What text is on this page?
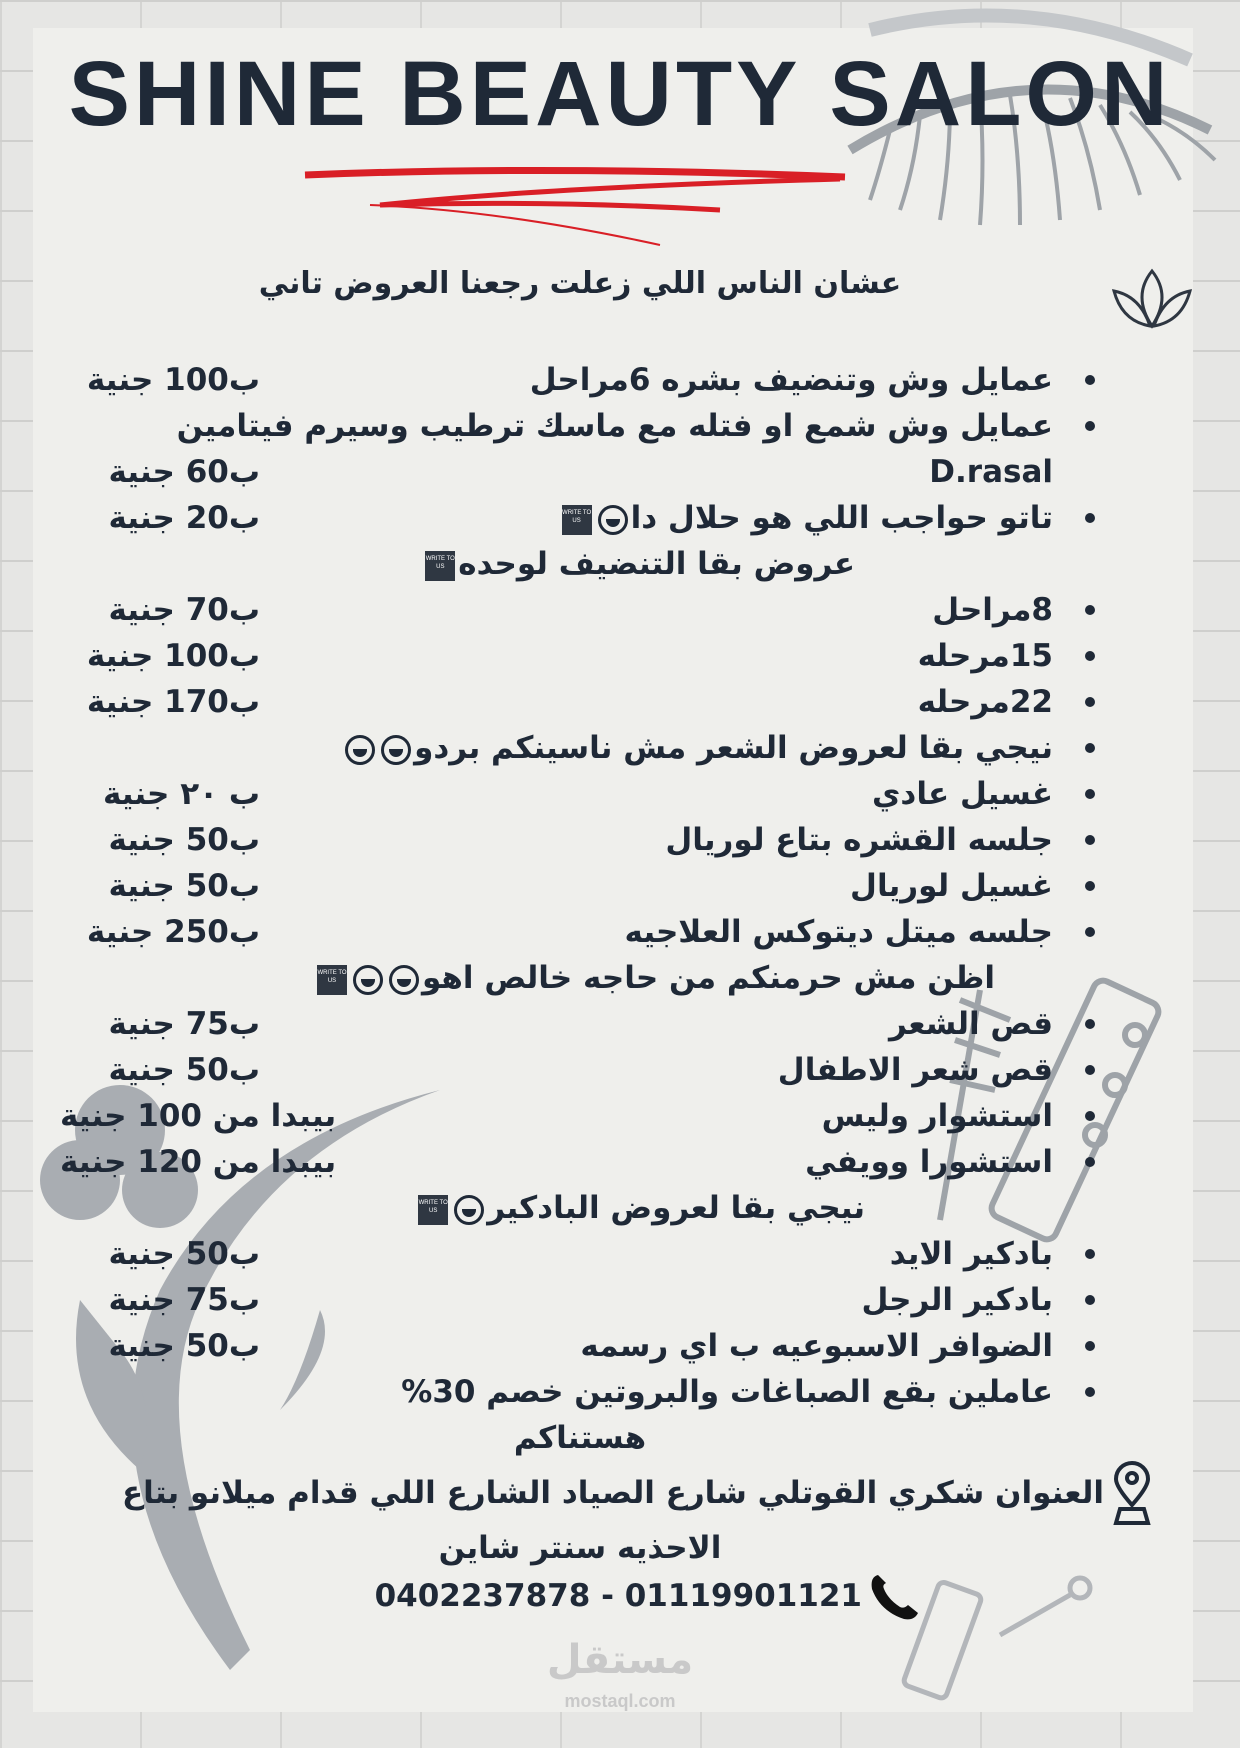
SHINE BEAUTY SALON
عشان الناس اللي زعلت رجعنا العروض تاني
عمايل وش وتنضيف بشره 6مراحل
ب100 جنية
عمايل وش شمع او فتله مع ماسك ترطيب وسيرم فيتامين
D.rasal
ب60 جنية
تاتو حواجب اللي هو حلال داWRITE TO US
ب20 جنية
عروض بقا التنضيف لوحدهWRITE TO US
8مراحل
ب70 جنية
15مرحله
ب100 جنية
22مرحله
ب170 جنية
نيجي بقا لعروض الشعر مش ناسينكم بردو
غسيل عادي
ب ٢٠ جنية
جلسه القشره بتاع لوريال
ب50 جنية
غسيل لوريال
ب50 جنية
جلسه ميتل ديتوكس العلاجيه
ب250 جنية
اظن مش حرمنكم من حاجه خالص اهوWRITE TO US
قص الشعر
ب75 جنية
قص شعر الاطفال
ب50 جنية
استشوار وليس
بيبدا من 100 جنية
استشورا وويفي
بيبدا من 120 جنية
نيجي بقا لعروض البادكيرWRITE TO US
بادكير الايد
ب50 جنية
بادكير الرجل
ب75 جنية
الضوافر الاسبوعيه ب اي رسمه
ب50 جنية
عاملين بقع الصباغات والبروتين خصم 30%
هستناكم
العنوان شكري القوتلي شارع الصياد الشارع اللي قدام ميلانو بتاع
الاحذيه سنتر شاين
0402237878 - 01119901121
مستقل
mostaql.com
